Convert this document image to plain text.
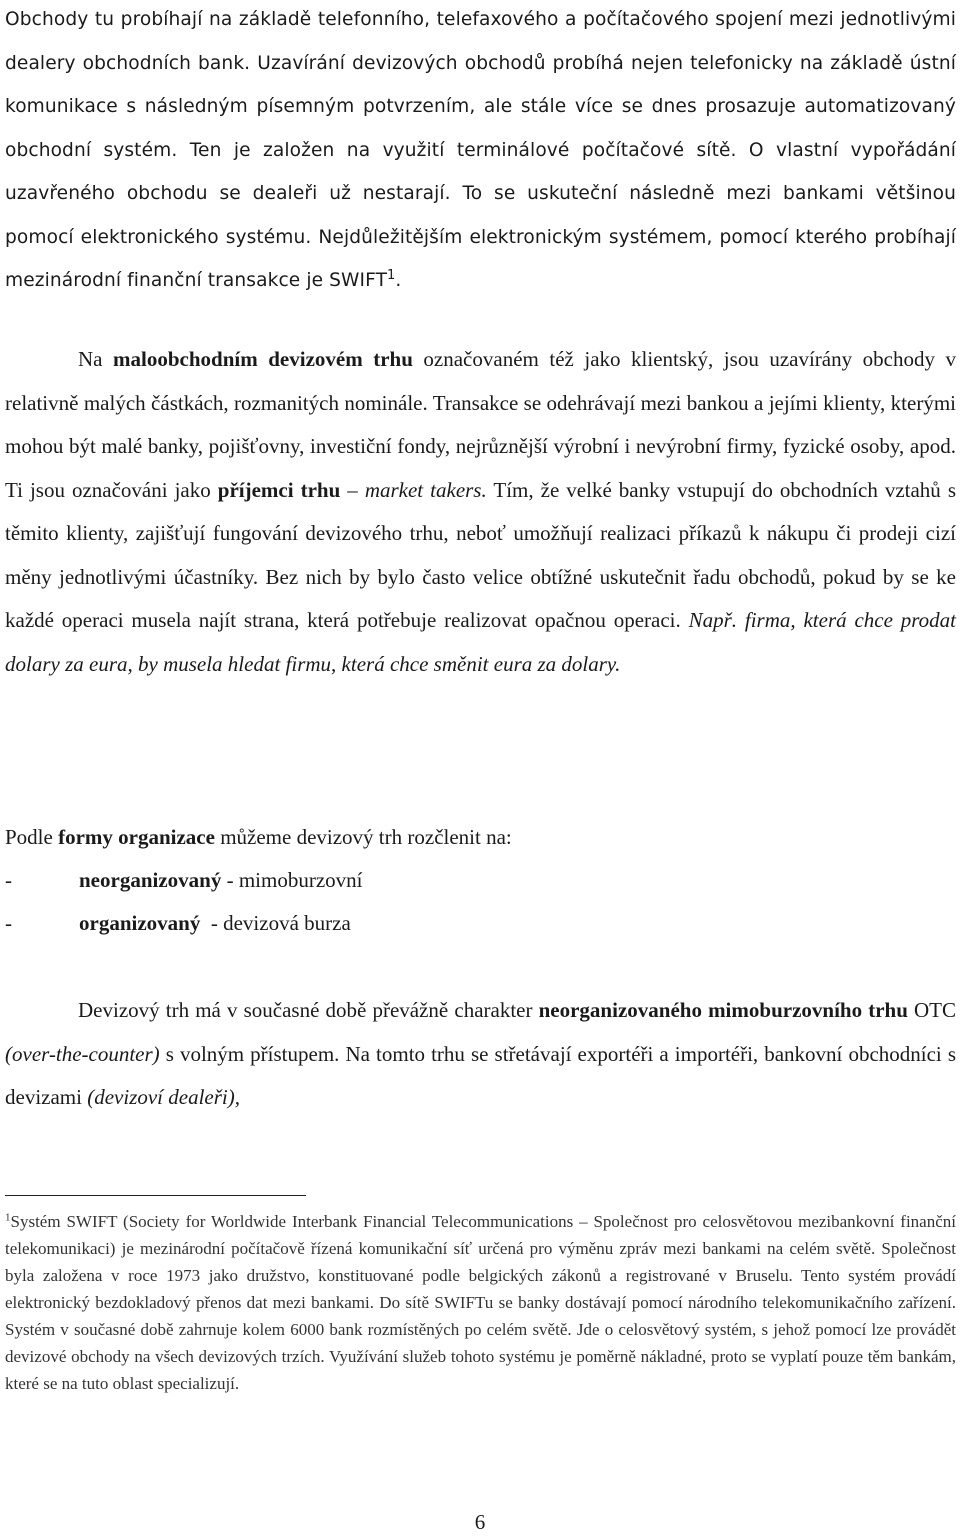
Obchody tu probíhají na základě telefonního, telefaxového a počítačového spojení mezi jednotlivými dealery obchodních bank. Uzavírání devizových obchodů probíhá nejen telefonicky na základě ústní komunikace s následným písemným potvrzením, ale stále více se dnes prosazuje automatizovaný obchodní systém. Ten je založen na využití terminálové počítačové sítě. O vlastní vypořádání uzavřeného obchodu se dealeři už nestarají. To se uskuteční následně mezi bankami většinou pomocí elektronického systému. Nejdůležitějším elektronickým systémem, pomocí kterého probíhají mezinárodní finanční transakce je SWIFT$^1$.

Na maloobchodním devizovém trhu označovaném též jako klientský, jsou uzavírány obchody v relativně malých částkách, rozmanitých nominále. Transakce se odehrávají mezi bankou a jejími klienty, kterými mohou být malé banky, pojišťovny, investiční fondy, nejrůznější výrobní i nevýrobní firmy, fyzické osoby, apod. Ti jsou označováni jako příjemci trhu – market takers. Tím, že velké banky vstupují do obchodních vztahů s těmito klienty, zajišťují fungování devizového trhu, neboť umožňují realizaci příkazů k nákupu či prodeji cizí měny jednotlivými účastníky. Bez nich by bylo často velice obtížné uskutečnit řadu obchodů, pokud by se ke každé operaci musela najít strana, která potřebuje realizovat opačnou operaci. Např. firma, která chce prodat dolary za eura, by musela hledat firmu, která chce směnit eura za dolary.

Podle formy organizace můžeme devizový trh rozčlenit na:

-	neorganizovaný - mimoburzovní
-	organizovaný  - devizová burza

Devizový trh má v současné době převážně charakter neorganizovaného mimoburzovního trhu OTC (over-the-counter) s volným přístupem. Na tomto trhu se střetávají exportéři a importéři, bankovní obchodníci s devizami (devizoví dealeři),

$^1$Systém SWIFT (Society for Worldwide Interbank Financial Telecommunications – Společnost pro celosvětovou mezibankovní finanční telekomunikaci) je mezinárodní počítačově řízená komunikační síť určená pro výměnu zpráv mezi bankami na celém světě. Společnost byla založena v roce 1973 jako družstvo, konstituované podle belgických zákonů a registrované v Bruselu. Tento systém provádí elektronický bezdokladový přenos dat mezi bankami. Do sítě SWIFTu se banky dostávají pomocí národního telekomunikačního zařízení. Systém v současné době zahrnuje kolem 6000 bank rozmístěných po celém světě. Jde o celosvětový systém, s jehož pomocí lze provádět devizové obchody na všech devizových trzích. Využívání služeb tohoto systému je poměrně nákladné, proto se vyplatí pouze těm bankám, které se na tuto oblast specializují.

6
